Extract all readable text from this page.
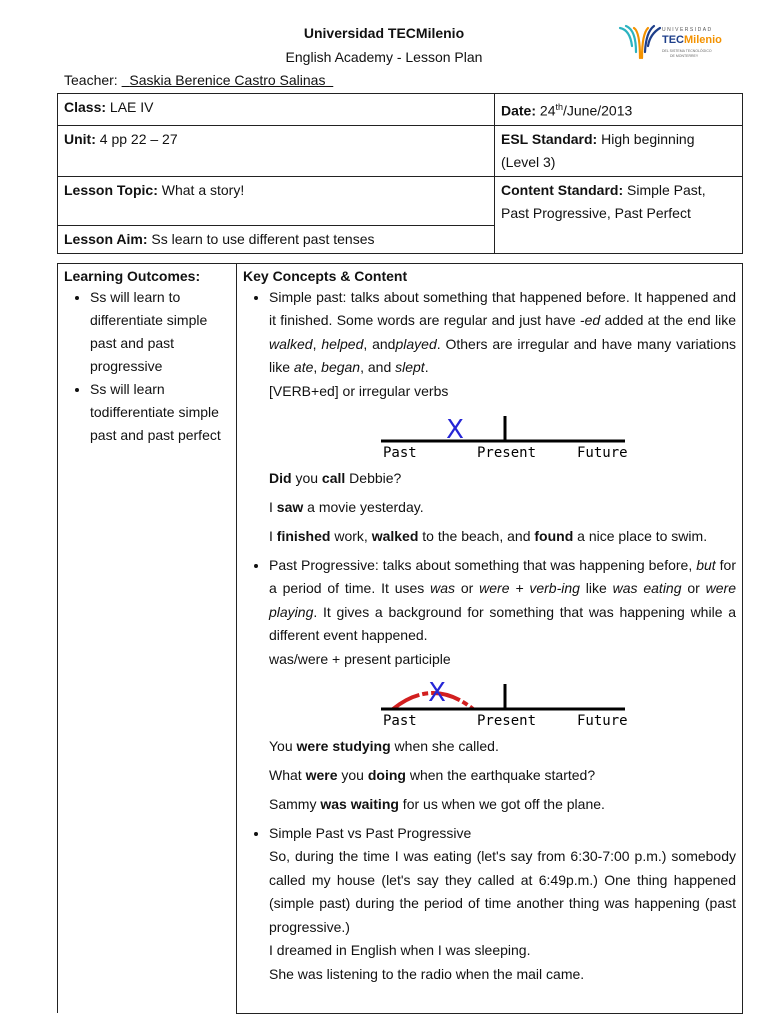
Universidad TECMilenio
English Academy - Lesson Plan
Teacher: Saskia Berenice Castro Salinas
UNIVERSIDAD
TECMilenio
DEL SISTEMA TECNOLÓGICO
DE MONTERREY
Class: LAE IV	Date: 24th/June/2013
Unit: 4 pp 22 – 27	ESL Standard: High beginning (Level 3)
Lesson Topic: What a story!	Content Standard: Simple Past, Past Progressive, Past Perfect
Lesson Aim: Ss learn to use different past tenses	
Learning Outcomes:
• Ss will learn to differentiate simple past and past progressive
• Ss will learn todifferentiate simple past and past perfect
	Key Concepts & Content
• Simple past: talks about something that happened before. It happened and it finished. Some words are regular and just have -ed added at the end like walked, helped, andplayed. Others are irregular and have many variations like ate, began, and slept.
[VERB+ed] or irregular verbs
X
Past	Present	Future
Did you call Debbie?
I saw a movie yesterday.
I finished work, walked to the beach, and found a nice place to swim.
• Past Progressive: talks about something that was happening before, but for a period of time. It uses was or were + verb-ing like was eating or were playing. It gives a background for something that was happening while a different event happened.
was/were + present participle
X
Past	Present	Future
You were studying when she called.
What were you doing when the earthquake started?
Sammy was waiting for us when we got off the plane.
• Simple Past vs Past Progressive
So, during the time I was eating (let's say from 6:30-7:00 p.m.) somebody called my house (let's say they called at 6:49p.m.) One thing happened (simple past) during the period of time another thing was happening (past progressive.)
I dreamed in English when I was sleeping.
She was listening to the radio when the mail came.
